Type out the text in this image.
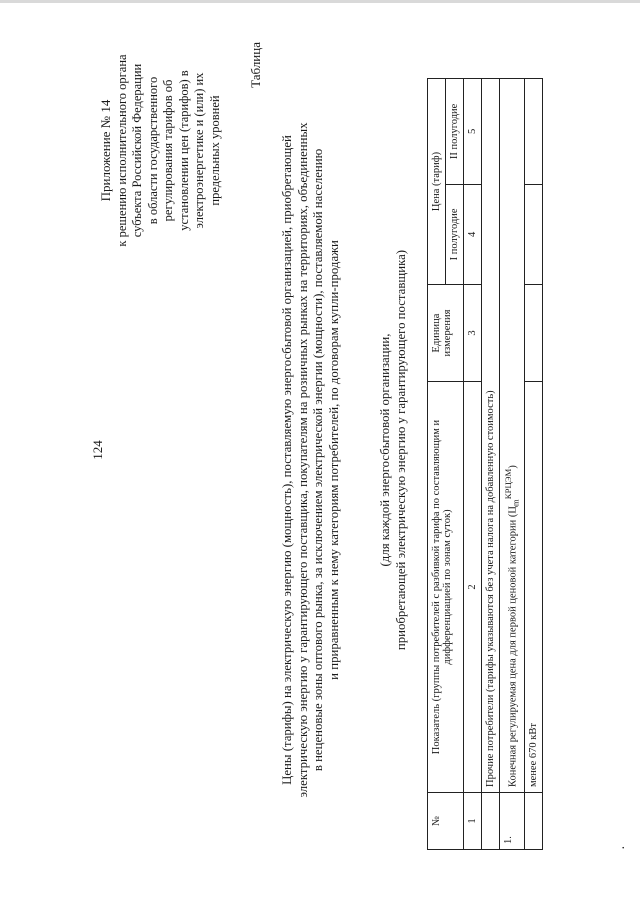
124
Приложение № 14 к решению исполнительного органа субъекта Российской Федерации в области государственного регулирования тарифов об установлении цен (тарифов) в электроэнергетике и (или) их предельных уровней
Таблица
Цены (тарифы) на электрическую энергию (мощность), поставляемую энергосбытовой организацией, приобретающей электрическую энергию у гарантирующего поставщика, покупателям на розничных рынках на территориях, объединенных в неценовые зоны оптового рынка, за исключением электрической энергии (мощности), поставляемой населению и приравненным к нему категориям потребителей, по договорам купли-продажи	(для каждой энергосбытовой организации, приобретающей электрическую энергию у гарантирующего поставщика)
№	Показатель (группы потребителей с разбивкой тарифа по составляющим и дифференциацией по зонам суток)	Единица измерения	Цена (тариф)	
			I полугодие	II полугодие
1	2	3	4	5
	Прочие потребители (тарифы указываются без учета налога на добавленную стоимость)			
1.	Конечная регулируемая цена для первой ценовой категории $(Ц_m^{КРЦЭМ})$			
	менее 670 кВт			
·
